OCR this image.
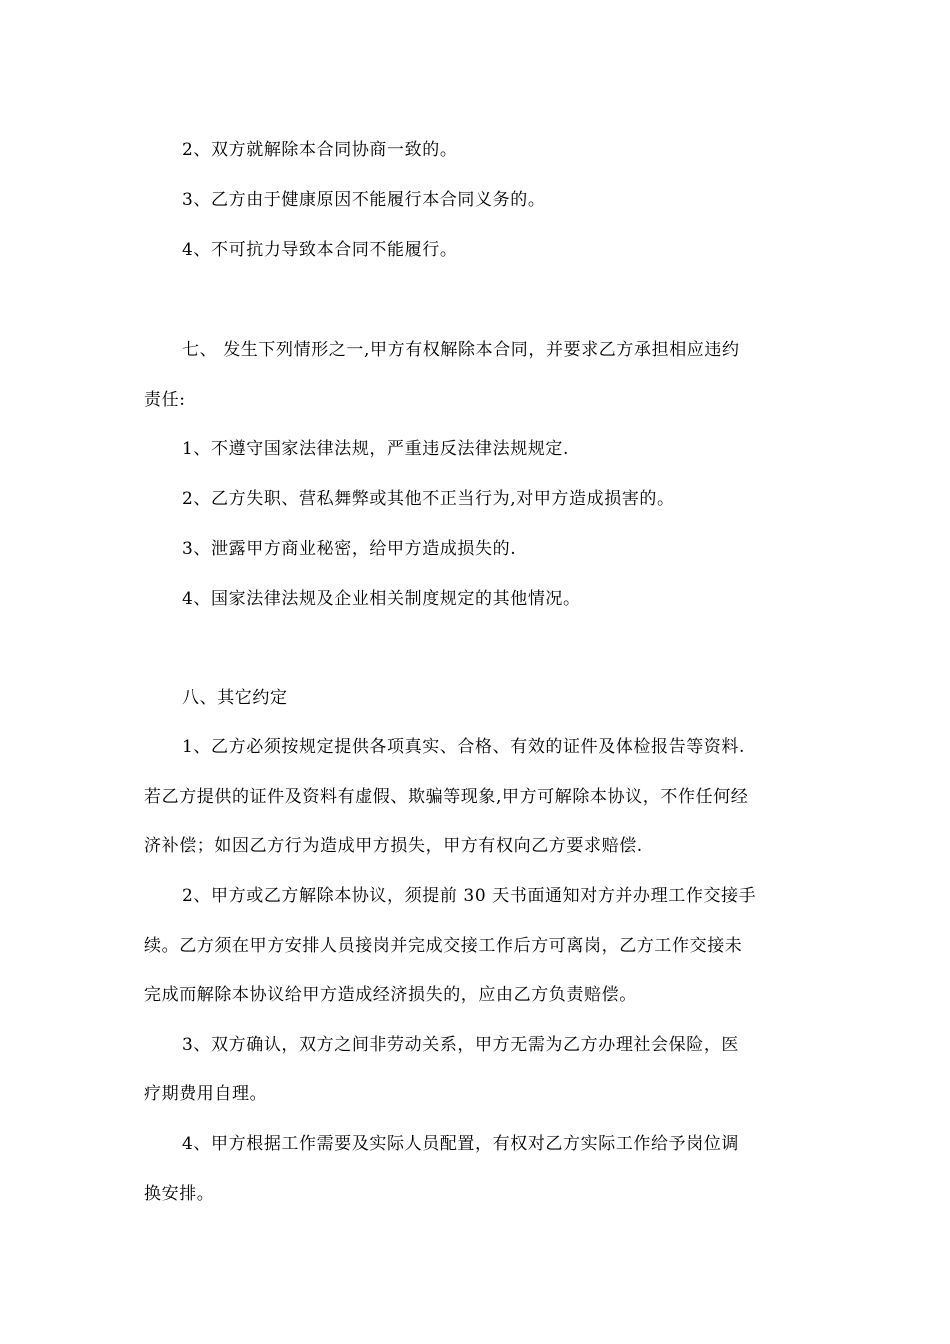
2、双方就解除本合同协商一致的。
3、乙方由于健康原因不能履行本合同义务的。
4、不可抗力导致本合同不能履行。
七、 发生下列情形之一,甲方有权解除本合同，并要求乙方承担相应违约
责任:
1、不遵守国家法律法规，严重违反法律法规规定.
2、乙方失职、营私舞弊或其他不正当行为,对甲方造成损害的。
3、泄露甲方商业秘密，给甲方造成损失的.
4、国家法律法规及企业相关制度规定的其他情况。
八、其它约定
1、乙方必须按规定提供各项真实、合格、有效的证件及体检报告等资料.
若乙方提供的证件及资料有虚假、欺骗等现象,甲方可解除本协议，不作任何经
济补偿；如因乙方行为造成甲方损失，甲方有权向乙方要求赔偿.
2、甲方或乙方解除本协议，须提前 30 天书面通知对方并办理工作交接手
续。乙方须在甲方安排人员接岗并完成交接工作后方可离岗，乙方工作交接未
完成而解除本协议给甲方造成经济损失的，应由乙方负责赔偿。
3、双方确认，双方之间非劳动关系，甲方无需为乙方办理社会保险，医
疗期费用自理。
4、甲方根据工作需要及实际人员配置，有权对乙方实际工作给予岗位调
换安排。
